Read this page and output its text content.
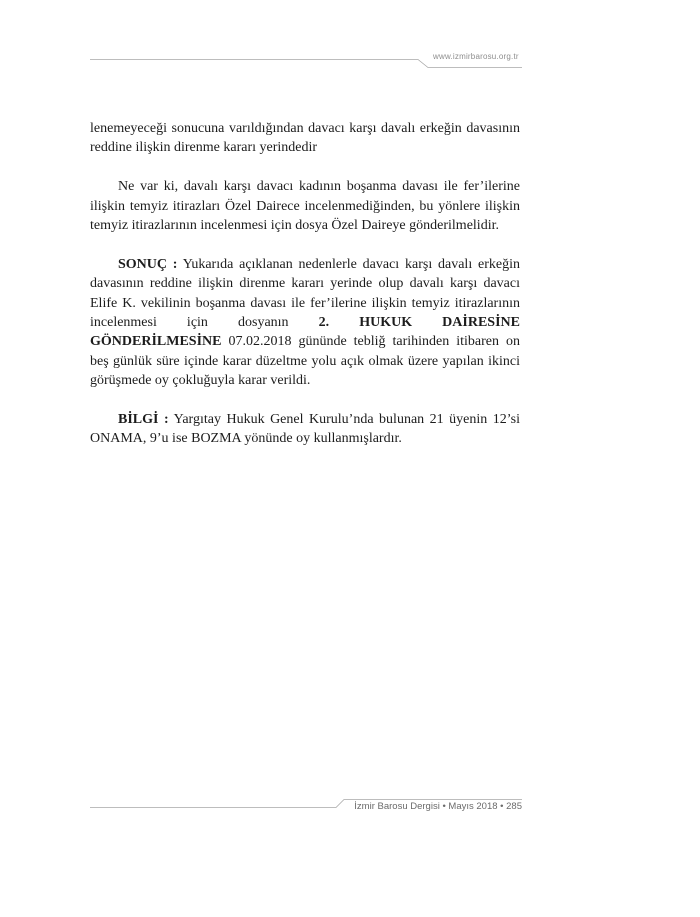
www.izmirbarosu.org.tr

lenemeyeceği sonucuna varıldığından davacı karşı davalı erkeğin davasının reddine ilişkin direnme kararı yerindedir

Ne var ki, davalı karşı davacı kadının boşanma davası ile fer’ilerine ilişkin temyiz itirazları Özel Dairece incelenmediğinden, bu yönlere ilişkin temyiz itirazlarının incelenmesi için dosya Özel Daireye gönderilmelidir.

SONUÇ : Yukarıda açıklanan nedenlerle davacı karşı davalı erkeğin davasının reddine ilişkin direnme kararı yerinde olup davalı karşı davacı Elife K. vekilinin boşanma davası ile fer’ilerine ilişkin temyiz itirazlarının incelenmesi için dosyanın 2. HUKUK DAİRESİNE GÖNDERİLMESİNE 07.02.2018 gününde tebliğ tarihinden itibaren on beş günlük süre içinde karar düzeltme yolu açık olmak üzere yapılan ikinci görüşmede oy çokluğuyla karar verildi.

BİLGİ : Yargıtay Hukuk Genel Kurulu’nda bulunan 21 üyenin 12’si ONAMA, 9’u ise BOZMA yönünde oy kullanmışlardır.

İzmir Barosu Dergisi • Mayıs 2018 • 285
